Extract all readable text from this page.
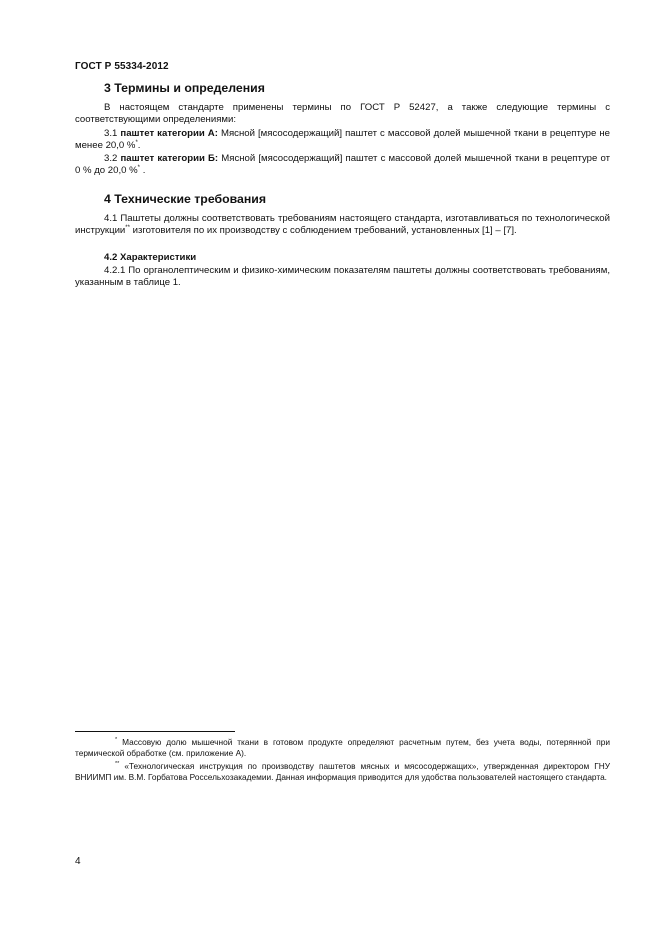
ГОСТ Р 55334-2012
3 Термины и определения
В настоящем стандарте применены термины по ГОСТ Р 52427, а также следующие термины с соответствующими определениями:
3.1 паштет категории А: Мясной [мясосодержащий] паштет с массовой долей мышечной ткани в рецептуре не менее 20,0 %*.
3.2 паштет категории Б: Мясной [мясосодержащий] паштет с массовой долей мышечной ткани в рецептуре от 0 % до 20,0 %* .
4 Технические требования
4.1 Паштеты должны соответствовать требованиям настоящего стандарта, изготавливаться по технологической инструкции** изготовителя по их производству с соблюдением требований, установленных [1] – [7].
4.2 Характеристики
4.2.1 По органолептическим и физико-химическим показателям паштеты должны соответствовать требованиям, указанным в таблице 1.
* Массовую долю мышечной ткани в готовом продукте определяют расчетным путем, без учета воды, потерянной при термической обработке (см. приложение А).
** «Технологическая инструкция по производству паштетов мясных и мясосодержащих», утвержденная директором ГНУ ВНИИМП им. В.М. Горбатова Россельхозакадемии. Данная информация приводится для удобства пользователей настоящего стандарта.
4
